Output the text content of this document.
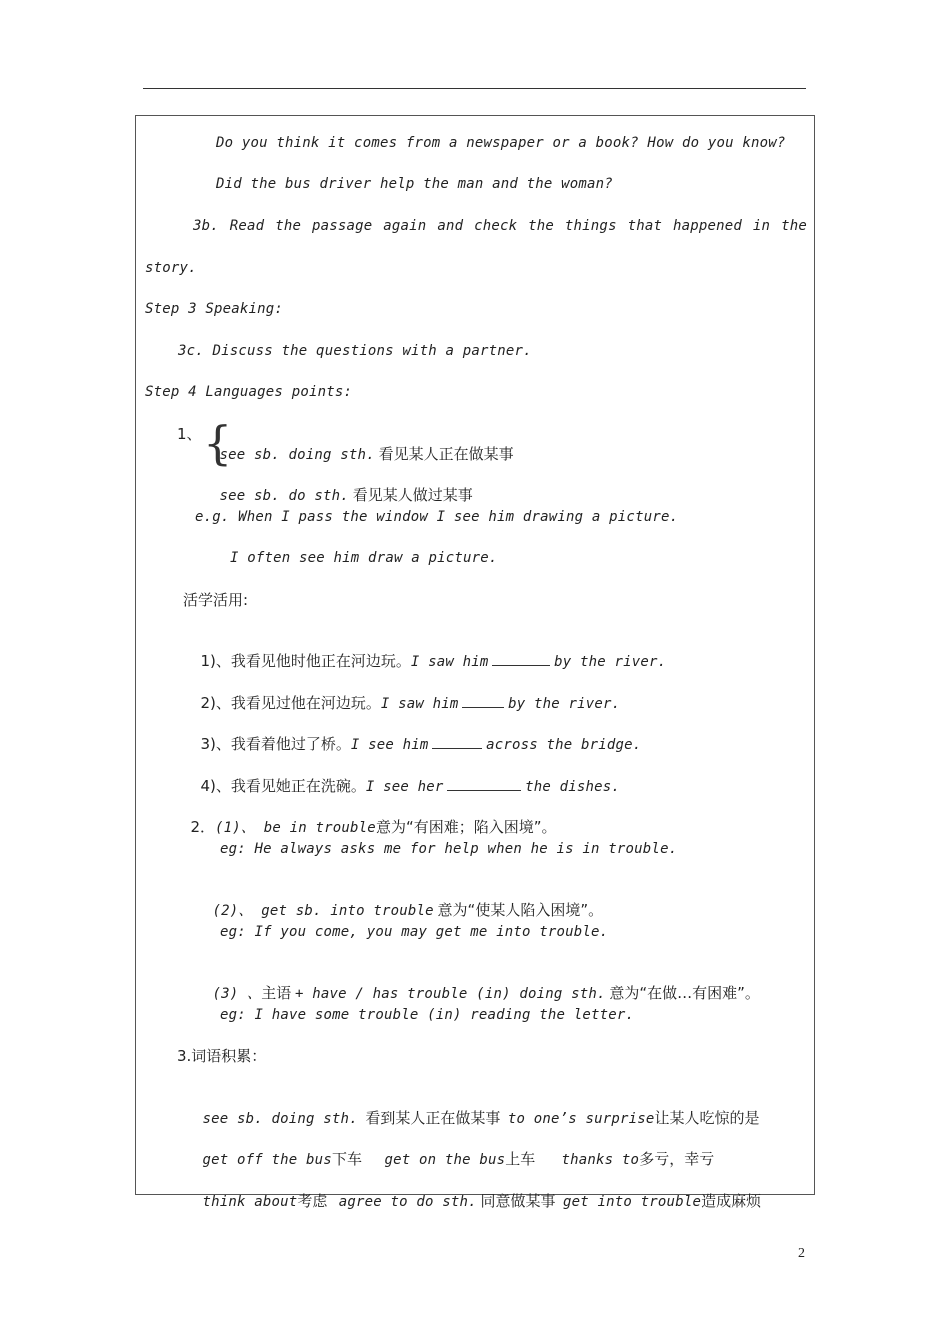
Do you think it comes from a newspaper or a book? How do you know?
Did the bus driver help the man and the woman?
3b. Read the passage again and check the things that happened in the
story.
Step 3 Speaking:
3c. Discuss the questions with a partner.
Step 4 Languages points:
1、 {

see sb. doing sth. 看见某人正在做某事

see sb. do sth. 看见某人做过某事

e.g. When I pass the window I see him drawing a picture.
I often see him draw a picture.
活学活用:

1)、我看见他时他正在河边玩。I saw him	by the river.

2)、我看见过他在河边玩。I saw him	by the river.

3)、我看着他过了桥。I see him	across the bridge.

4)、我看见她正在洗碗。I see her	the dishes.

2．(1)、 be in trouble意为“有困难；陷入困境”。

eg: He always asks me for help when he is in trouble.

(2)、 get sb. into trouble 意为“使某人陷入困境”。

eg: If you come, you may get me into trouble.

(3) 、主语 + have / has trouble (in) doing sth. 意为“在做…有困难”。

eg: I have some trouble (in) reading the letter.
3.词语积累：

see sb. doing sth. 看到某人正在做某事 to one’s surprise让某人吃惊的是

get off the bus下车 get on the bus上车 thanks to多亏，幸亏

think about考虑 agree to do sth. 同意做某事 get into trouble造成麻烦

2
